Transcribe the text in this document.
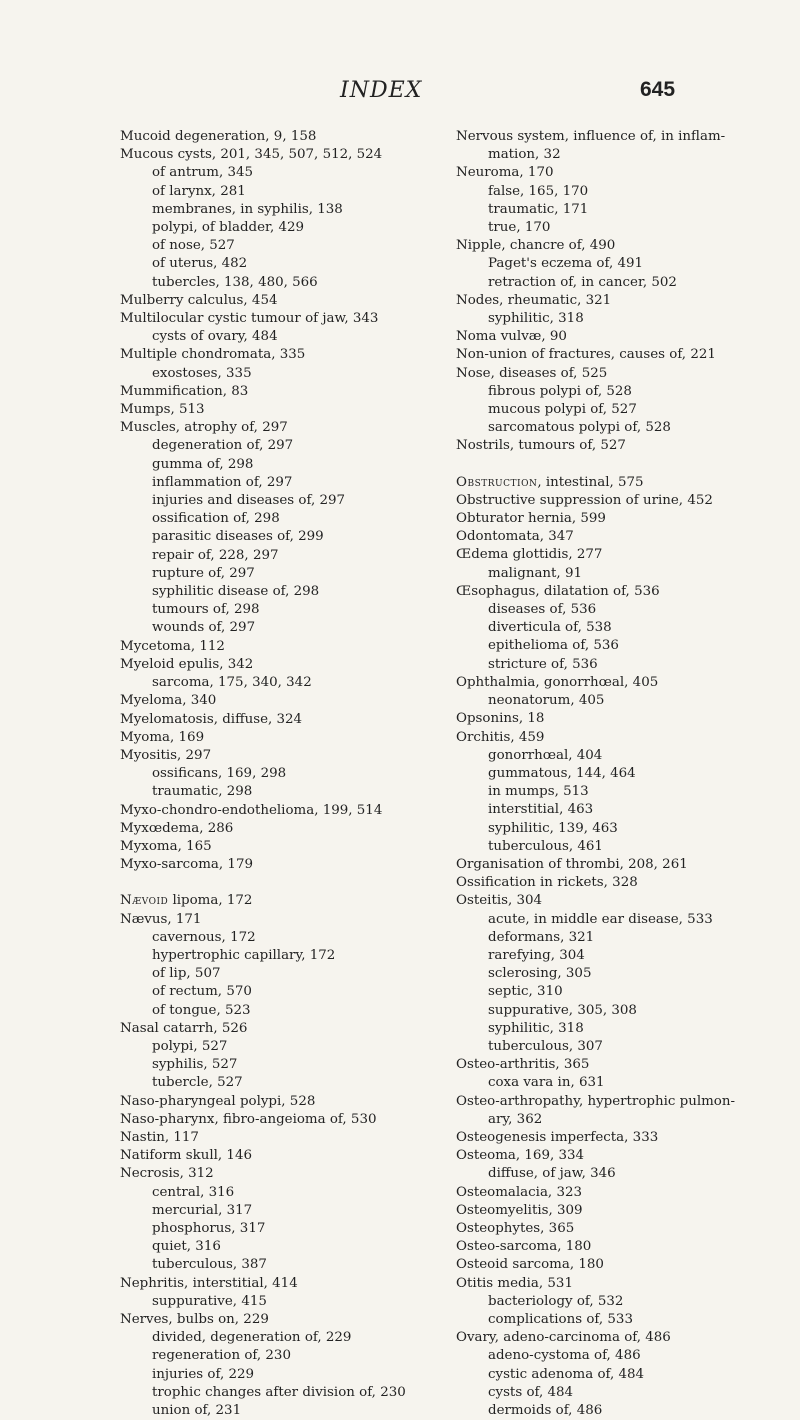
INDEX	645
Mucoid degeneration, 9, 158
Mucous cysts, 201, 345, 507, 512, 524
of antrum, 345
of larynx, 281
membranes, in syphilis, 138
polypi, of bladder, 429
of nose, 527
of uterus, 482
tubercles, 138, 480, 566
Mulberry calculus, 454
Multilocular cystic tumour of jaw, 343
cysts of ovary, 484
Multiple chondromata, 335
exostoses, 335
Mummification, 83
Mumps, 513
Muscles, atrophy of, 297
degeneration of, 297
gumma of, 298
inflammation of, 297
injuries and diseases of, 297
ossification of, 298
parasitic diseases of, 299
repair of, 228, 297
rupture of, 297
syphilitic disease of, 298
tumours of, 298
wounds of, 297
Mycetoma, 112
Myeloid epulis, 342
sarcoma, 175, 340, 342
Myeloma, 340
Myelomatosis, diffuse, 324
Myoma, 169
Myositis, 297
ossificans, 169, 298
traumatic, 298
Myxo-chondro-endothelioma, 199, 514
Myxœdema, 286
Myxoma, 165
Myxo-sarcoma, 179
Nævoid lipoma, 172
Nævus, 171
cavernous, 172
hypertrophic capillary, 172
of lip, 507
of rectum, 570
of tongue, 523
Nasal catarrh, 526
polypi, 527
syphilis, 527
tubercle, 527
Naso-pharyngeal polypi, 528
Naso-pharynx, fibro-angeioma of, 530
Nastin, 117
Natiform skull, 146
Necrosis, 312
central, 316
mercurial, 317
phosphorus, 317
quiet, 316
tuberculous, 387
Nephritis, interstitial, 414
suppurative, 415
Nerves, bulbs on, 229
divided, degeneration of, 229
regeneration of, 230
injuries of, 229
trophic changes after division of, 230
union of, 231
Nervous system, influence of, in inflam-
mation, 32
Neuroma, 170
false, 165, 170
traumatic, 171
true, 170
Nipple, chancre of, 490
Paget's eczema of, 491
retraction of, in cancer, 502
Nodes, rheumatic, 321
syphilitic, 318
Noma vulvæ, 90
Non-union of fractures, causes of, 221
Nose, diseases of, 525
fibrous polypi of, 528
mucous polypi of, 527
sarcomatous polypi of, 528
Nostrils, tumours of, 527
Obstruction, intestinal, 575
Obstructive suppression of urine, 452
Obturator hernia, 599
Odontomata, 347
Œdema glottidis, 277
malignant, 91
Œsophagus, dilatation of, 536
diseases of, 536
diverticula of, 538
epithelioma of, 536
stricture of, 536
Ophthalmia, gonorrhœal, 405
neonatorum, 405
Opsonins, 18
Orchitis, 459
gonorrhœal, 404
gummatous, 144, 464
in mumps, 513
interstitial, 463
syphilitic, 139, 463
tuberculous, 461
Organisation of thrombi, 208, 261
Ossification in rickets, 328
Osteitis, 304
acute, in middle ear disease, 533
deformans, 321
rarefying, 304
sclerosing, 305
septic, 310
suppurative, 305, 308
syphilitic, 318
tuberculous, 307
Osteo-arthritis, 365
coxa vara in, 631
Osteo-arthropathy, hypertrophic pulmon-
ary, 362
Osteogenesis imperfecta, 333
Osteoma, 169, 334
diffuse, of jaw, 346
Osteomalacia, 323
Osteomyelitis, 309
Osteophytes, 365
Osteo-sarcoma, 180
Osteoid sarcoma, 180
Otitis media, 531
bacteriology of, 532
complications of, 533
Ovary, adeno-carcinoma of, 486
adeno-cystoma of, 486
cystic adenoma of, 484
cysts of, 484
dermoids of, 486
